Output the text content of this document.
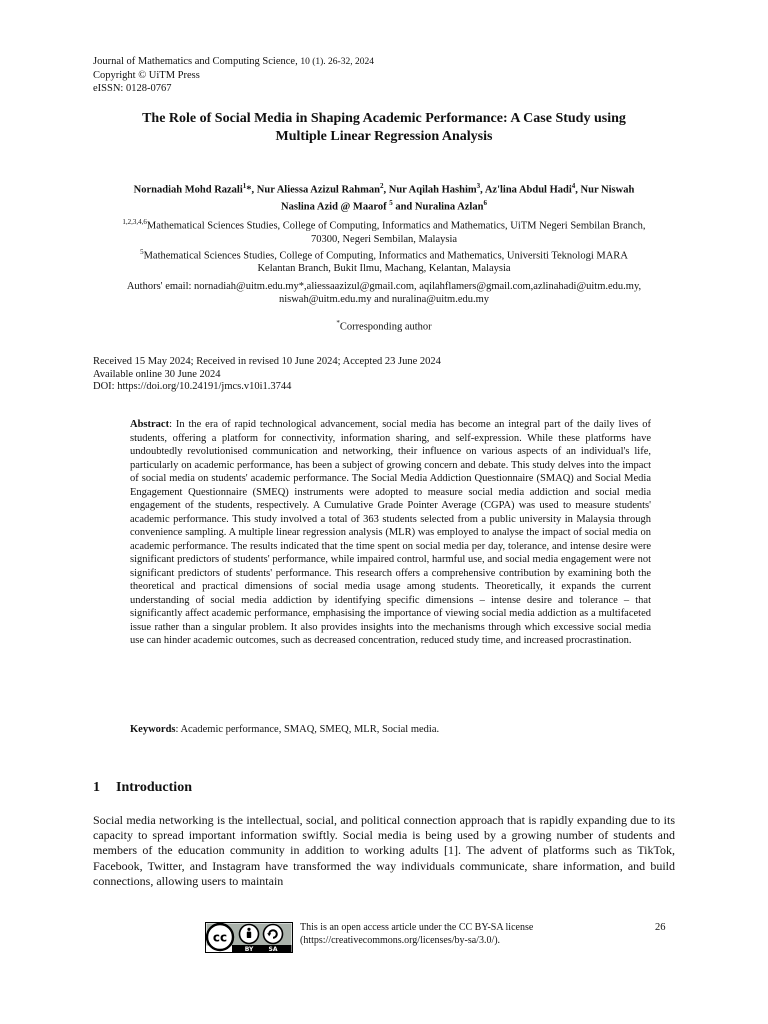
Journal of Mathematics and Computing Science, 10 (1). 26-32, 2024
Copyright © UiTM Press
eISSN: 0128-0767
The Role of Social Media in Shaping Academic Performance: A Case Study using
Multiple Linear Regression Analysis
Nornadiah Mohd Razali$^1$*, Nur Aliessa Azizul Rahman$^2$, Nur Aqilah Hashim$^3$, Az'lina Abdul Hadi$^4$, Nur Niswah
Naslina Azid @ Maarof $^5$ and Nuralina Azlan$^6$
$^{1,2,3,4,6}$Mathematical Sciences Studies, College of Computing, Informatics and Mathematics, UiTM Negeri Sembilan Branch,
70300, Negeri Sembilan, Malaysia
$^5$Mathematical Sciences Studies, College of Computing, Informatics and Mathematics, Universiti Teknologi MARA
Kelantan Branch, Bukit Ilmu, Machang, Kelantan, Malaysia
Authors' email: nornadiah@uitm.edu.my*,aliessaazizul@gmail.com, aqilahflamers@gmail.com,azlinahadi@uitm.edu.my,
niswah@uitm.edu.my and nuralina@uitm.edu.my
*Corresponding author
Received 15 May 2024; Received in revised 10 June 2024; Accepted 23 June 2024
Available online 30 June 2024
DOI: https://doi.org/10.24191/jmcs.v10i1.3744
Abstract: In the era of rapid technological advancement, social media has become an integral part of the daily lives of students, offering a platform for connectivity, information sharing, and self-expression. While these platforms have undoubtedly revolutionised communication and networking, their influence on various aspects of an individual's life, particularly on academic performance, has been a subject of growing concern and debate. This study delves into the impact of social media on students' academic performance. The Social Media Addiction Questionnaire (SMAQ) and Social Media Engagement Questionnaire (SMEQ) instruments were adopted to measure social media addiction and social media engagement of the students, respectively. A Cumulative Grade Pointer Average (CGPA) was used to measure students' academic performance. This study involved a total of 363 students selected from a public university in Malaysia through convenience sampling. A multiple linear regression analysis (MLR) was employed to analyse the impact of social media on academic performance. The results indicated that the time spent on social media per day, tolerance, and intense desire were significant predictors of students' performance, while impaired control, harmful use, and social media engagement were not significant predictors of students' performance. This research offers a comprehensive contribution by examining both the theoretical and practical dimensions of social media usage among students. Theoretically, it expands the current understanding of social media addiction by identifying specific dimensions – intense desire and tolerance – that significantly affect academic performance, emphasising the importance of viewing social media addiction as a multifaceted issue rather than a singular problem. It also provides insights into the mechanisms through which excessive social media use can hinder academic outcomes, such as decreased concentration, reduced study time, and increased procrastination.
Keywords: Academic performance, SMAQ, SMEQ, MLR, Social media.
1 Introduction
Social media networking is the intellectual, social, and political connection approach that is rapidly expanding due to its capacity to spread important information swiftly. Social media is being used by a growing number of students and members of the education community in addition to working adults [1]. The advent of platforms such as TikTok, Facebook, Twitter, and Instagram have transformed the way individuals communicate, share information, and build connections, allowing users to maintain
cc
BY	SA
This is an open access article under the CC BY-SA license
(https://creativecommons.org/licenses/by-sa/3.0/).
26
